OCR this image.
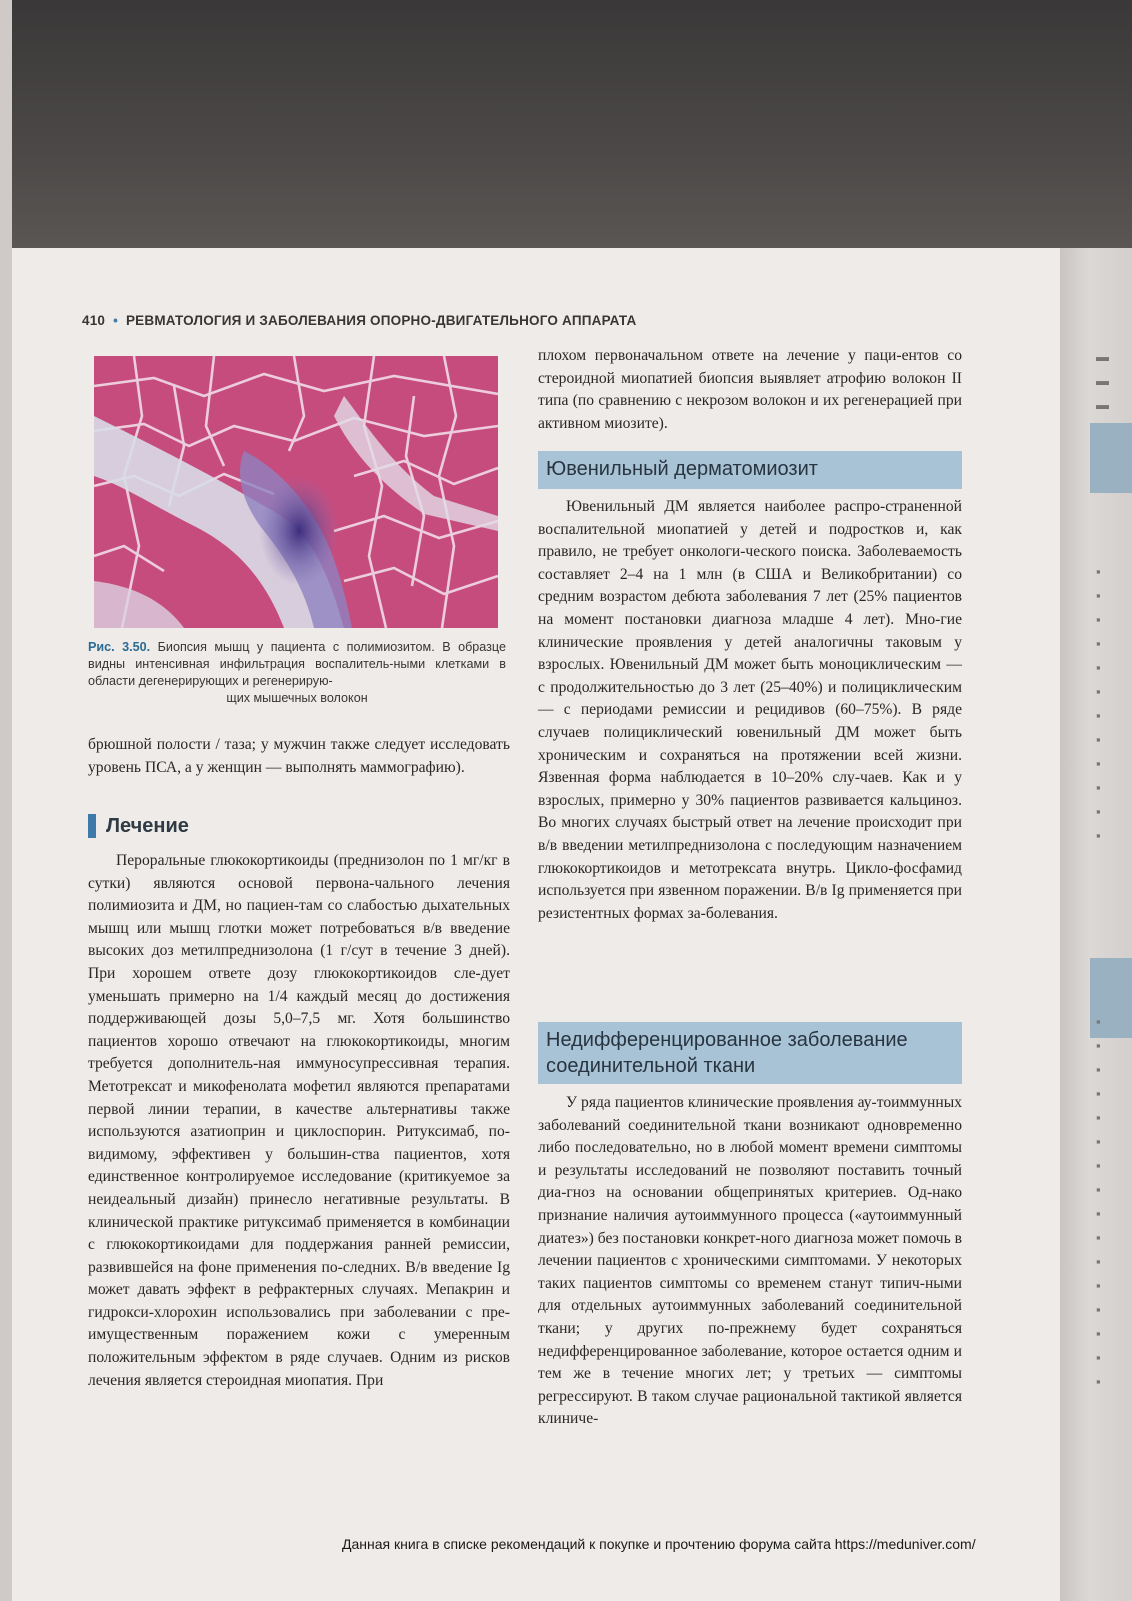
▬
▬
▬
▪
▪
▪
▪
▪
▪
▪
▪
▪
▪
▪
▪
▪
▪
▪
▪
▪
▪
▪
▪
▪
▪
▪
▪
▪
▪
▪
▪
410 • РЕВМАТОЛОГИЯ И ЗАБОЛЕВАНИЯ ОПОРНО-ДВИГАТЕЛЬНОГО АППАРАТА
Рис. 3.50. Биопсия мышц у пациента с полимиозитом. В образце видны интенсивная инфильтрация воспалитель-ными клетками в области дегенерирующих и регенерирую-
щих мышечных волокон

брюшной полости / таза; у мужчин также следует исследовать уровень ПСА, а у женщин — выполнять маммографию).

Лечение

Пероральные глюкокортикоиды (преднизолон по 1 мг/кг в сутки) являются основой первона-чального лечения полимиозита и ДМ, но пациен-там со слабостью дыхательных мышц или мышц глотки может потребоваться в/в введение высоких доз метилпреднизолона (1 г/сут в течение 3 дней). При хорошем ответе дозу глюкокортикоидов сле-дует уменьшать примерно на 1/4 каждый месяц до достижения поддерживающей дозы 5,0–7,5 мг. Хотя большинство пациентов хорошо отвечают на глюкокортикоиды, многим требуется дополнитель-ная иммуносупрессивная терапия. Метотрексат и микофенолата мофетил являются препаратами первой линии терапии, в качестве альтернативы также используются азатиоприн и циклоспорин. Ритуксимаб, по-видимому, эффективен у большин-ства пациентов, хотя единственное контролируемое исследование (критикуемое за неидеальный дизайн) принесло негативные результаты. В клинической практике ритуксимаб применяется в комбинации с глюкокортикоидами для поддержания ранней ремиссии, развившейся на фоне применения по-следних. В/в введение Ig может давать эффект в рефрактерных случаях. Мепакрин и гидрокси-хлорохин использовались при заболевании с пре-имущественным поражением кожи с умеренным положительным эффектом в ряде случаев. Одним из рисков лечения является стероидная миопатия. При

плохом первоначальном ответе на лечение у паци-ентов со стероидной миопатией биопсия выявляет атрофию волокон II типа (по сравнению с некрозом волокон и их регенерацией при активном миозите).

Ювенильный дерматомиозит

Ювенильный ДМ является наиболее распро-страненной воспалительной миопатией у детей и подростков и, как правило, не требует онкологи-ческого поиска. Заболеваемость составляет 2–4 на 1 млн (в США и Великобритании) со средним возрастом дебюта заболевания 7 лет (25% пациентов на момент постановки диагноза младше 4 лет). Мно-гие клинические проявления у детей аналогичны таковым у взрослых. Ювенильный ДМ может быть моноциклическим — с продолжительностью до 3 лет (25–40%) и полициклическим — с периодами ремиссии и рецидивов (60–75%). В ряде случаев полициклический ювенильный ДМ может быть хроническим и сохраняться на протяжении всей жизни. Язвенная форма наблюдается в 10–20% слу-чаев. Как и у взрослых, примерно у 30% пациентов развивается кальциноз. Во многих случаях быстрый ответ на лечение происходит при в/в введении метилпреднизолона с последующим назначением глюкокортикоидов и метотрексата внутрь. Цикло-фосфамид используется при язвенном поражении. В/в Ig применяется при резистентных формах за-болевания.

Недифференцированное заболевание
соединительной ткани

У ряда пациентов клинические проявления ау-тоиммунных заболеваний соединительной ткани возникают одновременно либо последовательно, но в любой момент времени симптомы и результаты исследований не позволяют поставить точный диа-гноз на основании общепринятых критериев. Од-нако признание наличия аутоиммунного процесса («аутоиммунный диатез») без постановки конкрет-ного диагноза может помочь в лечении пациентов с хроническими симптомами. У некоторых таких пациентов симптомы со временем станут типич-ными для отдельных аутоиммунных заболеваний соединительной ткани; у других по-прежнему будет сохраняться недифференцированное заболевание, которое остается одним и тем же в течение многих лет; у третьих — симптомы регрессируют. В таком случае рациональной тактикой является клиниче-

Данная книга в списке рекомендаций к покупке и прочтению форума сайта https://meduniver.com/
